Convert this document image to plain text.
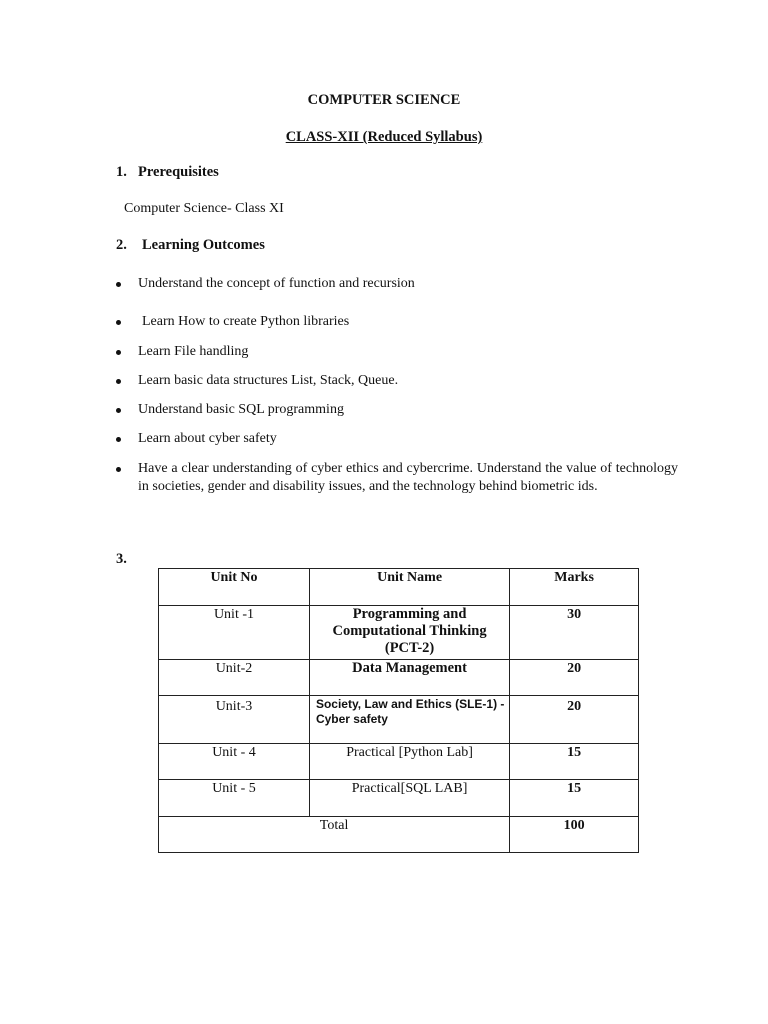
COMPUTER SCIENCE
CLASS-XII (Reduced Syllabus)
1. Prerequisites
Computer Science- Class XI
2. Learning Outcomes
Understand the concept of function and recursion
Learn How to create Python libraries
Learn File handling
Learn basic data structures List, Stack, Queue.
Understand basic SQL programming
Learn about cyber safety
Have a clear understanding of cyber ethics and cybercrime. Understand the value of technology in societies, gender and disability issues, and the technology behind biometric ids.
3.
Unit No	Unit Name	Marks

Unit -1	Programming and Computational Thinking (PCT-2)	30

Unit-2	Data Management	20

Unit-3	Society, Law and Ethics (SLE-1) - Cyber safety	20

Unit - 4	Practical [Python Lab]	15

Unit - 5	Practical[SQL LAB]	15

Total		100
